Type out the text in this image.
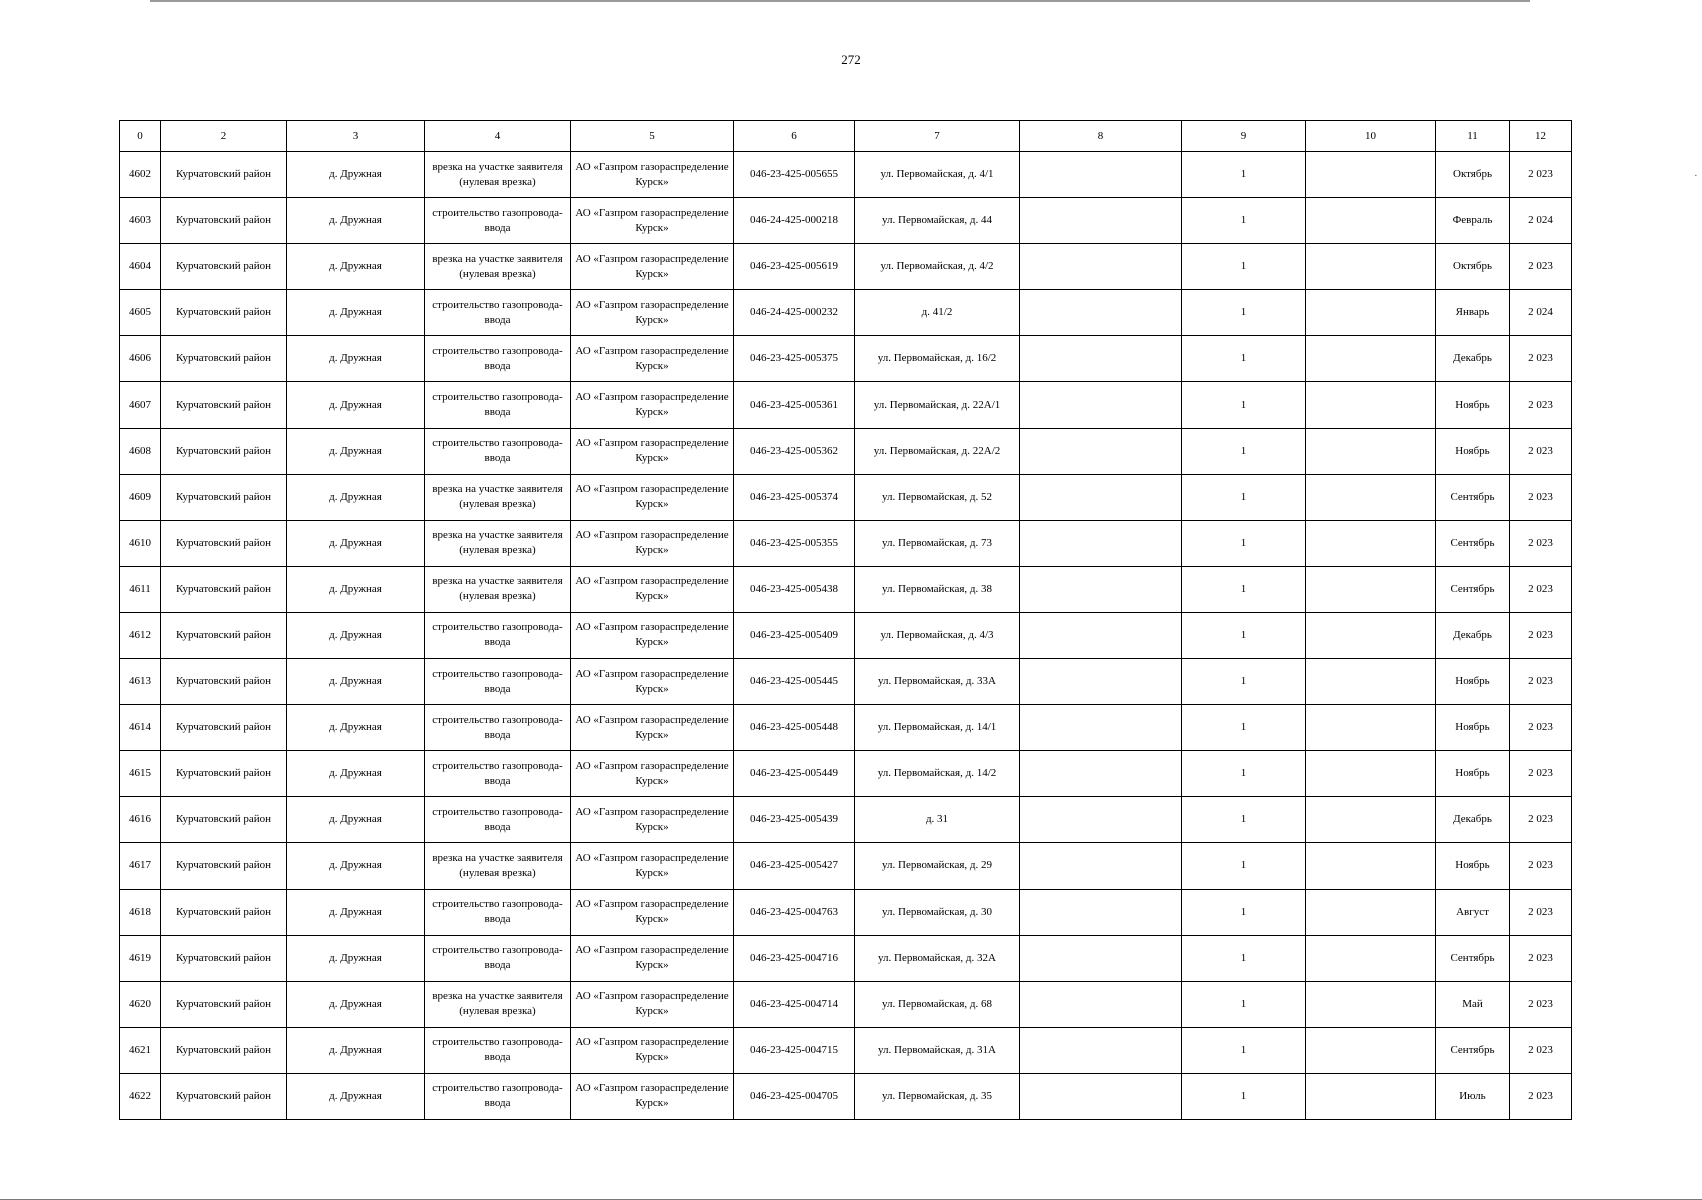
272
·
0	2	3	4	5	6	7	8	9	10	11	12
4602	Курчатовский район	д. Дружная	врезка на участке заявителя (нулевая врезка)	АО «Газпром газораспределение Курск»	046-23-425-005655	ул. Первомайская, д. 4/1		1		Октябрь	2 023
4603	Курчатовский район	д. Дружная	строительство газопровода-ввода	АО «Газпром газораспределение Курск»	046-24-425-000218	ул. Первомайская, д. 44		1		Февраль	2 024
4604	Курчатовский район	д. Дружная	врезка на участке заявителя (нулевая врезка)	АО «Газпром газораспределение Курск»	046-23-425-005619	ул. Первомайская, д. 4/2		1		Октябрь	2 023
4605	Курчатовский район	д. Дружная	строительство газопровода-ввода	АО «Газпром газораспределение Курск»	046-24-425-000232	д. 41/2		1		Январь	2 024
4606	Курчатовский район	д. Дружная	строительство газопровода-ввода	АО «Газпром газораспределение Курск»	046-23-425-005375	ул. Первомайская, д. 16/2		1		Декабрь	2 023
4607	Курчатовский район	д. Дружная	строительство газопровода-ввода	АО «Газпром газораспределение Курск»	046-23-425-005361	ул. Первомайская, д. 22А/1		1		Ноябрь	2 023
4608	Курчатовский район	д. Дружная	строительство газопровода-ввода	АО «Газпром газораспределение Курск»	046-23-425-005362	ул. Первомайская, д. 22А/2		1		Ноябрь	2 023
4609	Курчатовский район	д. Дружная	врезка на участке заявителя (нулевая врезка)	АО «Газпром газораспределение Курск»	046-23-425-005374	ул. Первомайская, д. 52		1		Сентябрь	2 023
4610	Курчатовский район	д. Дружная	врезка на участке заявителя (нулевая врезка)	АО «Газпром газораспределение Курск»	046-23-425-005355	ул. Первомайская, д. 73		1		Сентябрь	2 023
4611	Курчатовский район	д. Дружная	врезка на участке заявителя (нулевая врезка)	АО «Газпром газораспределение Курск»	046-23-425-005438	ул. Первомайская, д. 38		1		Сентябрь	2 023
4612	Курчатовский район	д. Дружная	строительство газопровода-ввода	АО «Газпром газораспределение Курск»	046-23-425-005409	ул. Первомайская, д. 4/3		1		Декабрь	2 023
4613	Курчатовский район	д. Дружная	строительство газопровода-ввода	АО «Газпром газораспределение Курск»	046-23-425-005445	ул. Первомайская, д. 33А		1		Ноябрь	2 023
4614	Курчатовский район	д. Дружная	строительство газопровода-ввода	АО «Газпром газораспределение Курск»	046-23-425-005448	ул. Первомайская, д. 14/1		1		Ноябрь	2 023
4615	Курчатовский район	д. Дружная	строительство газопровода-ввода	АО «Газпром газораспределение Курск»	046-23-425-005449	ул. Первомайская, д. 14/2		1		Ноябрь	2 023
4616	Курчатовский район	д. Дружная	строительство газопровода-ввода	АО «Газпром газораспределение Курск»	046-23-425-005439	д. 31		1		Декабрь	2 023
4617	Курчатовский район	д. Дружная	врезка на участке заявителя (нулевая врезка)	АО «Газпром газораспределение Курск»	046-23-425-005427	ул. Первомайская, д. 29		1		Ноябрь	2 023
4618	Курчатовский район	д. Дружная	строительство газопровода-ввода	АО «Газпром газораспределение Курск»	046-23-425-004763	ул. Первомайская, д. 30		1		Август	2 023
4619	Курчатовский район	д. Дружная	строительство газопровода-ввода	АО «Газпром газораспределение Курск»	046-23-425-004716	ул. Первомайская, д. 32А		1		Сентябрь	2 023
4620	Курчатовский район	д. Дружная	врезка на участке заявителя (нулевая врезка)	АО «Газпром газораспределение Курск»	046-23-425-004714	ул. Первомайская, д. 68		1		Май	2 023
4621	Курчатовский район	д. Дружная	строительство газопровода-ввода	АО «Газпром газораспределение Курск»	046-23-425-004715	ул. Первомайская, д. 31А		1		Сентябрь	2 023
4622	Курчатовский район	д. Дружная	строительство газопровода-ввода	АО «Газпром газораспределение Курск»	046-23-425-004705	ул. Первомайская, д. 35		1		Июль	2 023
